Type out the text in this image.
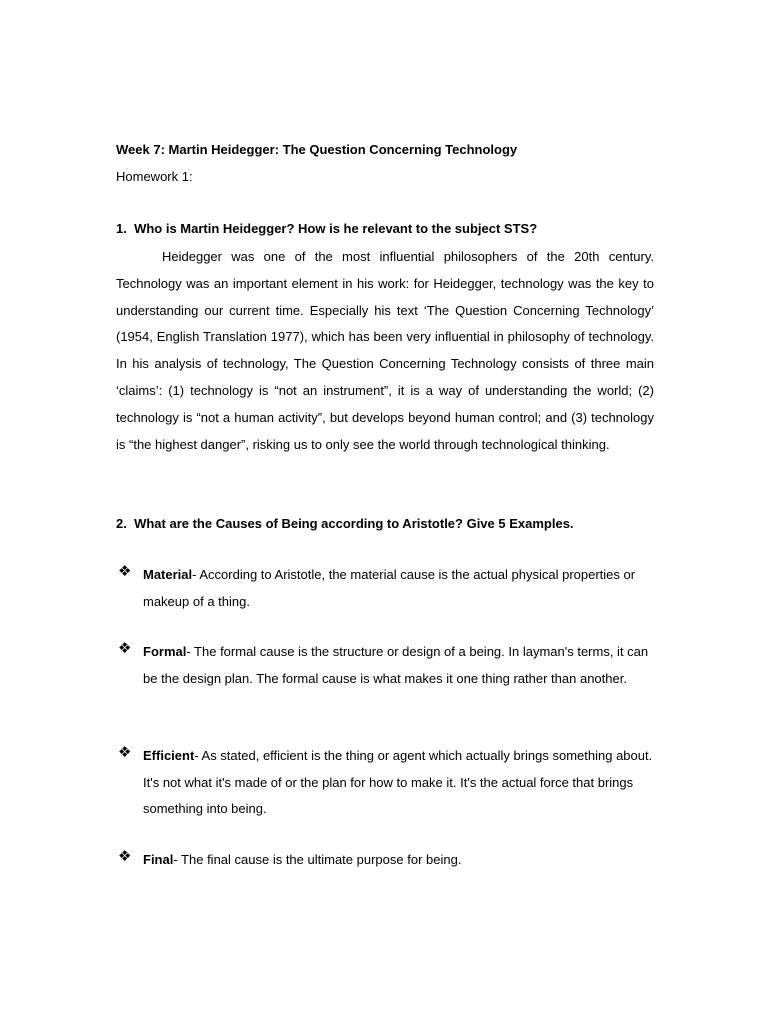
Week 7: Martin Heidegger: The Question Concerning Technology
Homework 1:
1. Who is Martin Heidegger? How is he relevant to the subject STS?
Heidegger was one of the most influential philosophers of the 20th century. Technology was an important element in his work: for Heidegger, technology was the key to understanding our current time. Especially his text ‘The Question Concerning Technology’ (1954, English Translation 1977), which has been very influential in philosophy of technology. In his analysis of technology, The Question Concerning Technology consists of three main ‘claims’: (1) technology is “not an instrument”, it is a way of understanding the world; (2) technology is “not a human activity”, but develops beyond human control; and (3) technology is “the highest danger”, risking us to only see the world through technological thinking.
2. What are the Causes of Being according to Aristotle? Give 5 Examples.
❖ Material- According to Aristotle, the material cause is the actual physical properties or makeup of a thing.
❖ Formal- The formal cause is the structure or design of a being. In layman's terms, it can be the design plan. The formal cause is what makes it one thing rather than another.
❖ Efficient- As stated, efficient is the thing or agent which actually brings something about. It's not what it's made of or the plan for how to make it. It's the actual force that brings something into being.
❖ Final- The final cause is the ultimate purpose for being.
